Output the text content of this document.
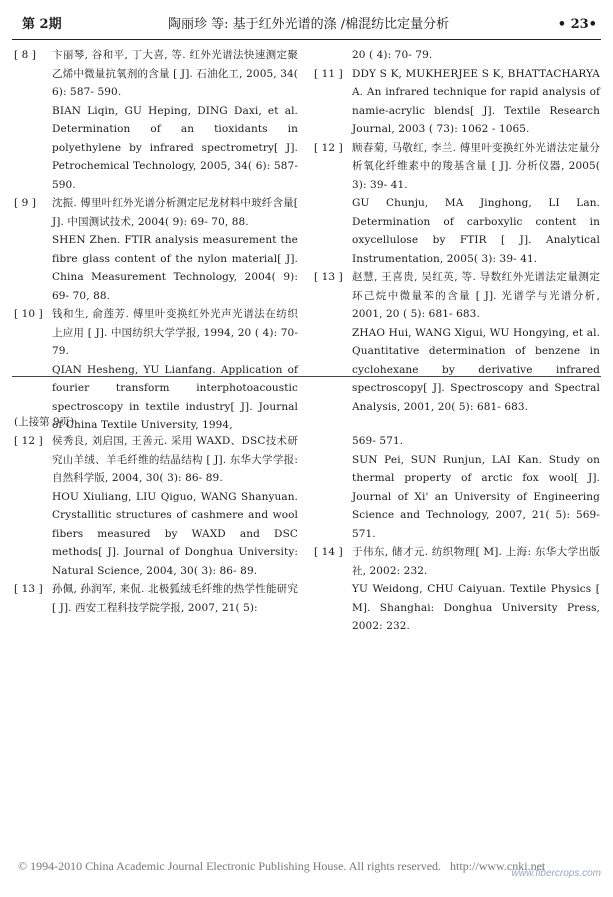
第 2期	陶丽珍 等: 基于红外光谱的涤 /棉混纺比定量分析	• 23•
[ 8 ]	卞丽琴, 谷和平, 丁大喜, 等. 红外光谱法快速测定聚乙烯中微量抗氧剂的含量 [ J]. 石油化工, 2005, 34( 6): 587- 590.

BIAN Liqin, GU Heping, DING Daxi, et al. Determination of an tioxidants in polyethylene by infrared spectrometry[ J]. Petrochemical Technology, 2005, 34( 6): 587- 590.

[ 9 ]	沈振. 傅里叶红外光谱分析测定尼龙材料中玻纤含量[ J]. 中国测试技术, 2004( 9): 69- 70, 88.

SHEN Zhen. FTIR analysis measurement the fibre glass content of the nylon material[ J]. China Measurement Technology, 2004( 9): 69- 70, 88.

[ 10 ] 钱和生, 俞莲芳. 傅里叶变换红外光声光谱法在纺织上应用 [ J]. 中国纺织大学学报, 1994, 20 ( 4): 70- 79.

QIAN Hesheng, YU Lianfang. Application of fourier transform interphotoacoustic spectroscopy in textile industry[ J]. Journal of China Textile University, 1994,

20 ( 4): 70- 79.

[ 11 ] DDY S K, MUKHERJEE S K, BHATTACHARYA A. An infrared technique for rapid analysis of namie-acrylic blends[ J]. Textile Research Journal, 2003 ( 73): 1062 - 1065.

[ 12 ] 顾春菊, 马敬红, 李兰. 傅里叶变换红外光谱法定量分析氧化纤维素中的羧基含量 [ J]. 分析仪器, 2005( 3): 39- 41.

GU Chunju, MA Jinghong, LI Lan. Determination of carboxylic content in oxycellulose by FTIR [ J]. Analytical Instrumentation, 2005( 3): 39- 41.

[ 13 ] 赵慧, 王喜贵, 吴红英, 等. 导数红外光谱法定量测定环己烷中微量苯的含量 [ J]. 光谱学与光谱分析, 2001, 20 ( 5): 681- 683.

ZHAO Hui, WANG Xigui, WU Hongying, et al. Quantitative determination of benzene in cyclohexane by derivative infrared spectroscopy[ J]. Spectroscopy and Spectral Analysis, 2001, 20( 5): 681- 683.

(上接第 9页)
[ 12 ] 侯秀良, 刘启国, 王善元. 采用 WAXD、DSC技术研究山羊绒、羊毛纤维的结晶结构 [ J]. 东华大学学报: 自然科学版, 2004, 30( 3): 86- 89.

HOU Xiuliang, LIU Qiguo, WANG Shanyuan. Crystallitic structures of cashmere and wool fibers measured by WAXD and DSC methods[ J]. Journal of Donghua University: Natural Science, 2004, 30( 3): 86- 89.

[ 13 ] 孙佩, 孙润军, 来侃. 北极狐绒毛纤维的热学性能研究 [ J]. 西安工程科技学院学报, 2007, 21( 5):

569- 571.

SUN Pei, SUN Runjun, LAI Kan. Study on thermal property of arctic fox wool[ J]. Journal of Xi' an University of Engineering Science and Technology, 2007, 21( 5): 569- 571.

[ 14 ] 于伟东, 储才元. 纺织物理[ M]. 上海: 东华大学出版社, 2002: 232.

YU Weidong, CHU Caiyuan. Textile Physics [ M]. Shanghai: Donghua University Press, 2002: 232.

© 1994-2010 China Academic Journal Electronic Publishing House. All rights reserved. http://www.cnki.net
www.fibercrops.com
